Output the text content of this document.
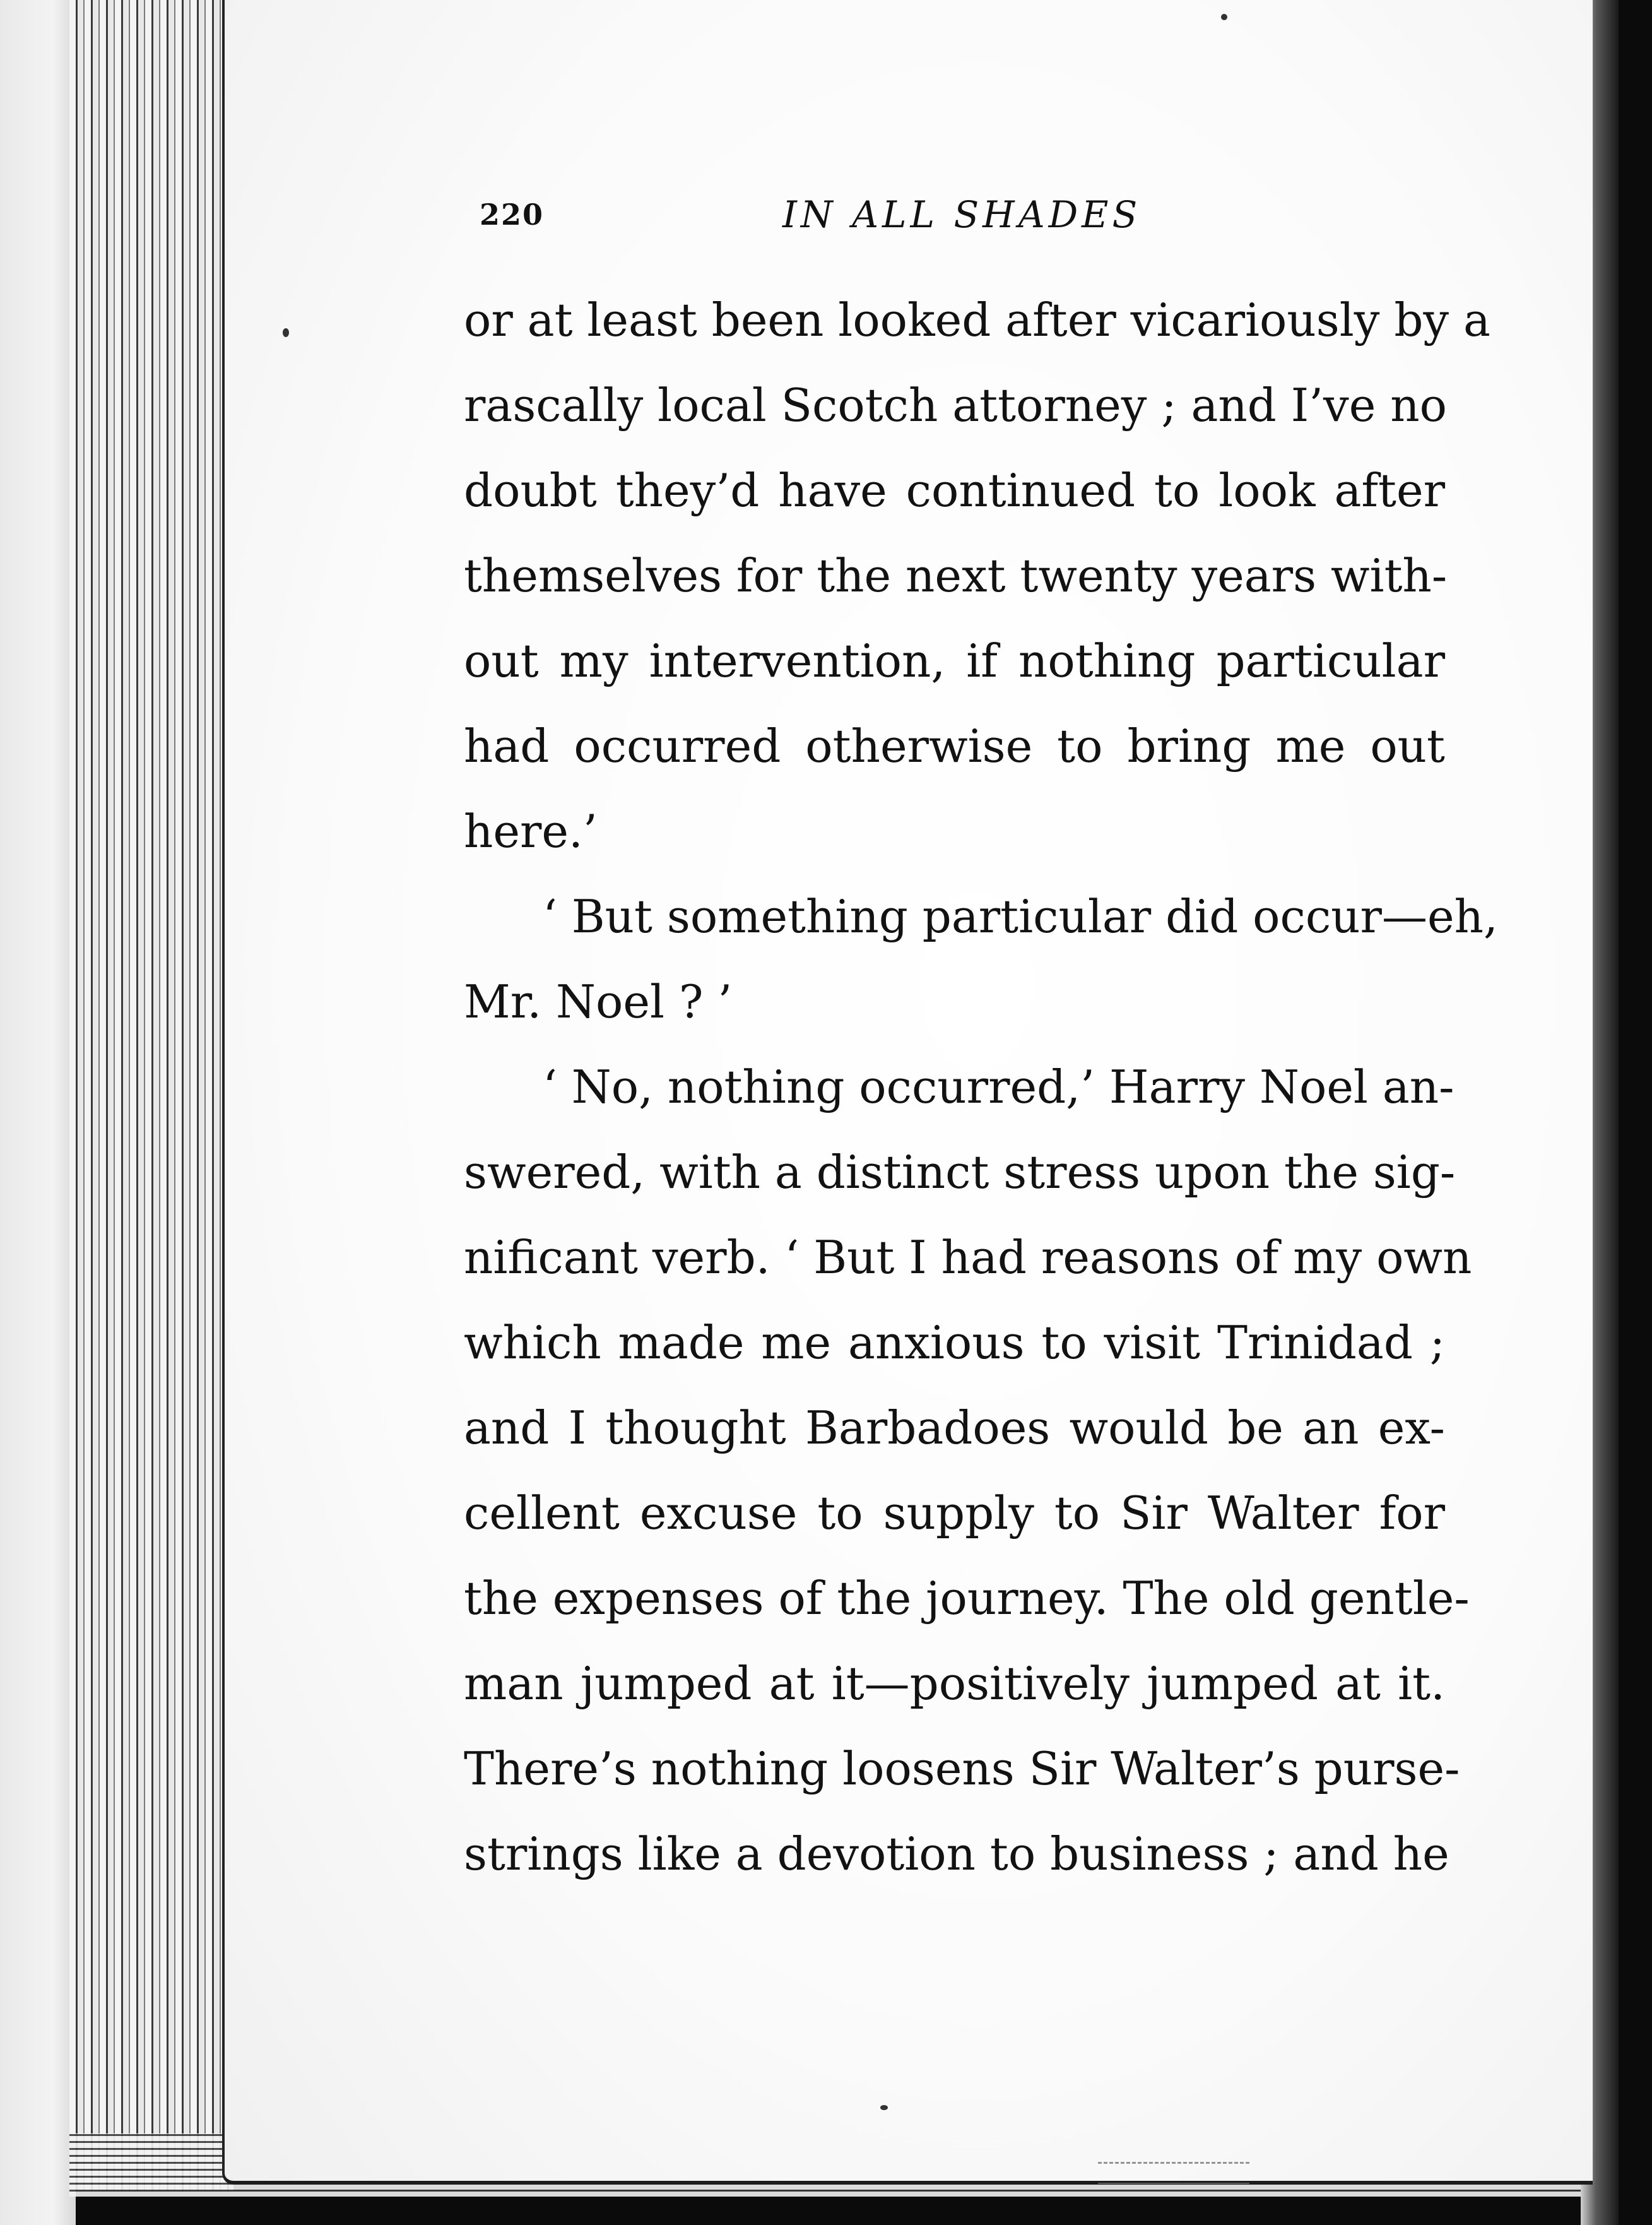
220	IN ALL SHADES
or at least been looked after vicariously by a
rascally local Scotch attorney ; and I’ve no
doubt they’d have continued to look after
themselves for the next twenty years with-
out my intervention, if nothing particular
had occurred otherwise to bring me out
here.’
‘ But something particular did occur—eh,
Mr. Noel ? ’
‘ No, nothing occurred,’ Harry Noel an-
swered, with a distinct stress upon the sig-
nificant verb. ‘ But I had reasons of my own
which made me anxious to visit Trinidad ;
and I thought Barbadoes would be an ex-
cellent excuse to supply to Sir Walter for
the expenses of the journey. The old gentle-
man jumped at it—positively jumped at it.
There’s nothing loosens Sir Walter’s purse-
strings like a devotion to business ; and he
